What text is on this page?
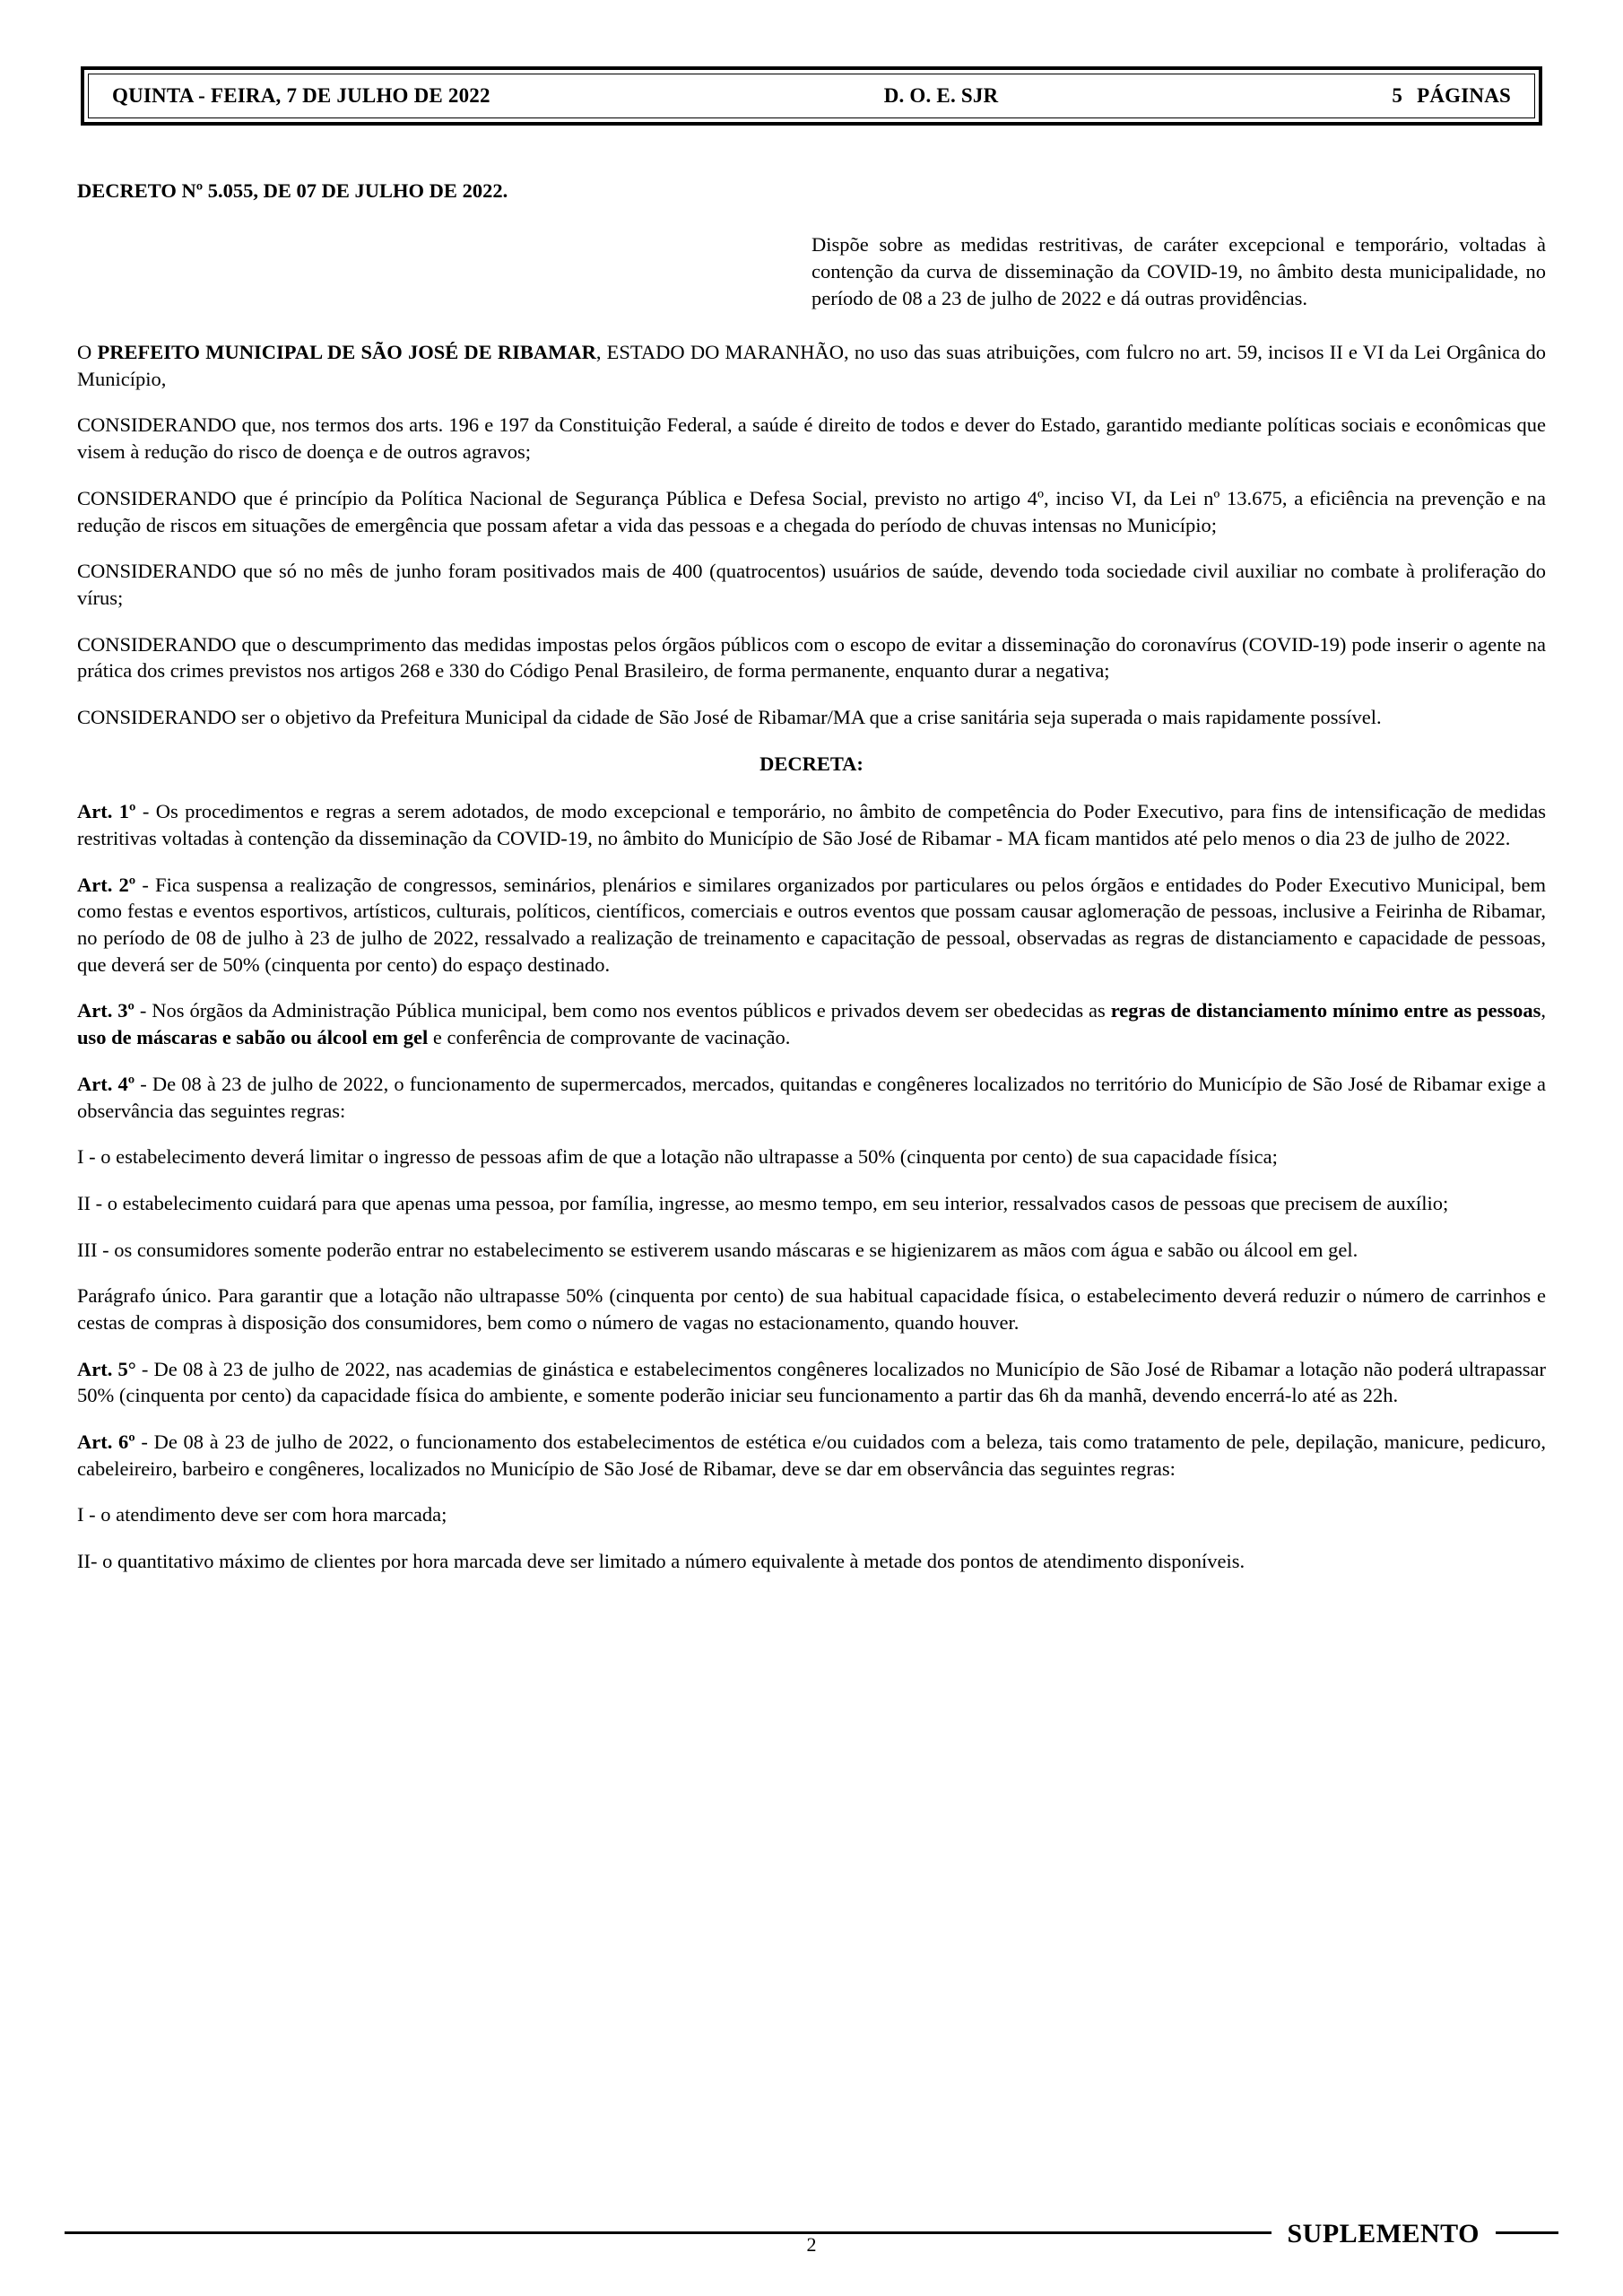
QUINTA - FEIRA, 7 DE JULHO DE 2022	D. O. E. SJR	5 PÁGINAS

DECRETO Nº 5.055, DE 07 DE JULHO DE 2022.

Dispõe sobre as medidas restritivas, de caráter excepcional e temporário, voltadas à contenção da curva de disseminação da COVID-19, no âmbito desta municipalidade, no período de 08 a 23 de julho de 2022 e dá outras providências.

O PREFEITO MUNICIPAL DE SÃO JOSÉ DE RIBAMAR, ESTADO DO MARANHÃO, no uso das suas atribuições, com fulcro no art. 59, incisos II e VI da Lei Orgânica do Município,

CONSIDERANDO que, nos termos dos arts. 196 e 197 da Constituição Federal, a saúde é direito de todos e dever do Estado, garantido mediante políticas sociais e econômicas que visem à redução do risco de doença e de outros agravos;

CONSIDERANDO que é princípio da Política Nacional de Segurança Pública e Defesa Social, previsto no artigo 4º, inciso VI, da Lei nº 13.675, a eficiência na prevenção e na redução de riscos em situações de emergência que possam afetar a vida das pessoas e a chegada do período de chuvas intensas no Município;

CONSIDERANDO que só no mês de junho foram positivados mais de 400 (quatrocentos) usuários de saúde, devendo toda sociedade civil auxiliar no combate à proliferação do vírus;

CONSIDERANDO que o descumprimento das medidas impostas pelos órgãos públicos com o escopo de evitar a disseminação do coronavírus (COVID-19) pode inserir o agente na prática dos crimes previstos nos artigos 268 e 330 do Código Penal Brasileiro, de forma permanente, enquanto durar a negativa;

CONSIDERANDO ser o objetivo da Prefeitura Municipal da cidade de São José de Ribamar/MA que a crise sanitária seja superada o mais rapidamente possível.

DECRETA:

Art. 1º - Os procedimentos e regras a serem adotados, de modo excepcional e temporário, no âmbito de competência do Poder Executivo, para fins de intensificação de medidas restritivas voltadas à contenção da disseminação da COVID-19, no âmbito do Município de São José de Ribamar - MA ficam mantidos até pelo menos o dia 23 de julho de 2022.

Art. 2º - Fica suspensa a realização de congressos, seminários, plenários e similares organizados por particulares ou pelos órgãos e entidades do Poder Executivo Municipal, bem como festas e eventos esportivos, artísticos, culturais, políticos, científicos, comerciais e outros eventos que possam causar aglomeração de pessoas, inclusive a Feirinha de Ribamar, no período de 08 de julho à 23 de julho de 2022, ressalvado a realização de treinamento e capacitação de pessoal, observadas as regras de distanciamento e capacidade de pessoas, que deverá ser de 50% (cinquenta por cento) do espaço destinado.

Art. 3º - Nos órgãos da Administração Pública municipal, bem como nos eventos públicos e privados devem ser obedecidas as regras de distanciamento mínimo entre as pessoas, uso de máscaras e sabão ou álcool em gel e conferência de comprovante de vacinação.

Art. 4º - De 08 à 23 de julho de 2022, o funcionamento de supermercados, mercados, quitandas e congêneres localizados no território do Município de São José de Ribamar exige a observância das seguintes regras:

I - o estabelecimento deverá limitar o ingresso de pessoas afim de que a lotação não ultrapasse a 50% (cinquenta por cento) de sua capacidade física;

II - o estabelecimento cuidará para que apenas uma pessoa, por família, ingresse, ao mesmo tempo, em seu interior, ressalvados casos de pessoas que precisem de auxílio;

III - os consumidores somente poderão entrar no estabelecimento se estiverem usando máscaras e se higienizarem as mãos com água e sabão ou álcool em gel.

Parágrafo único. Para garantir que a lotação não ultrapasse 50% (cinquenta por cento) de sua habitual capacidade física, o estabelecimento deverá reduzir o número de carrinhos e cestas de compras à disposição dos consumidores, bem como o número de vagas no estacionamento, quando houver.

Art. 5° - De 08 à 23 de julho de 2022, nas academias de ginástica e estabelecimentos congêneres localizados no Município de São José de Ribamar a lotação não poderá ultrapassar 50% (cinquenta por cento) da capacidade física do ambiente, e somente poderão iniciar seu funcionamento a partir das 6h da manhã, devendo encerrá-lo até as 22h.

Art. 6º - De 08 à 23 de julho de 2022, o funcionamento dos estabelecimentos de estética e/ou cuidados com a beleza, tais como tratamento de pele, depilação, manicure, pedicuro, cabeleireiro, barbeiro e congêneres, localizados no Município de São José de Ribamar, deve se dar em observância das seguintes regras:

I - o atendimento deve ser com hora marcada;

II- o quantitativo máximo de clientes por hora marcada deve ser limitado a número equivalente à metade dos pontos de atendimento disponíveis.

SUPLEMENTO
2
